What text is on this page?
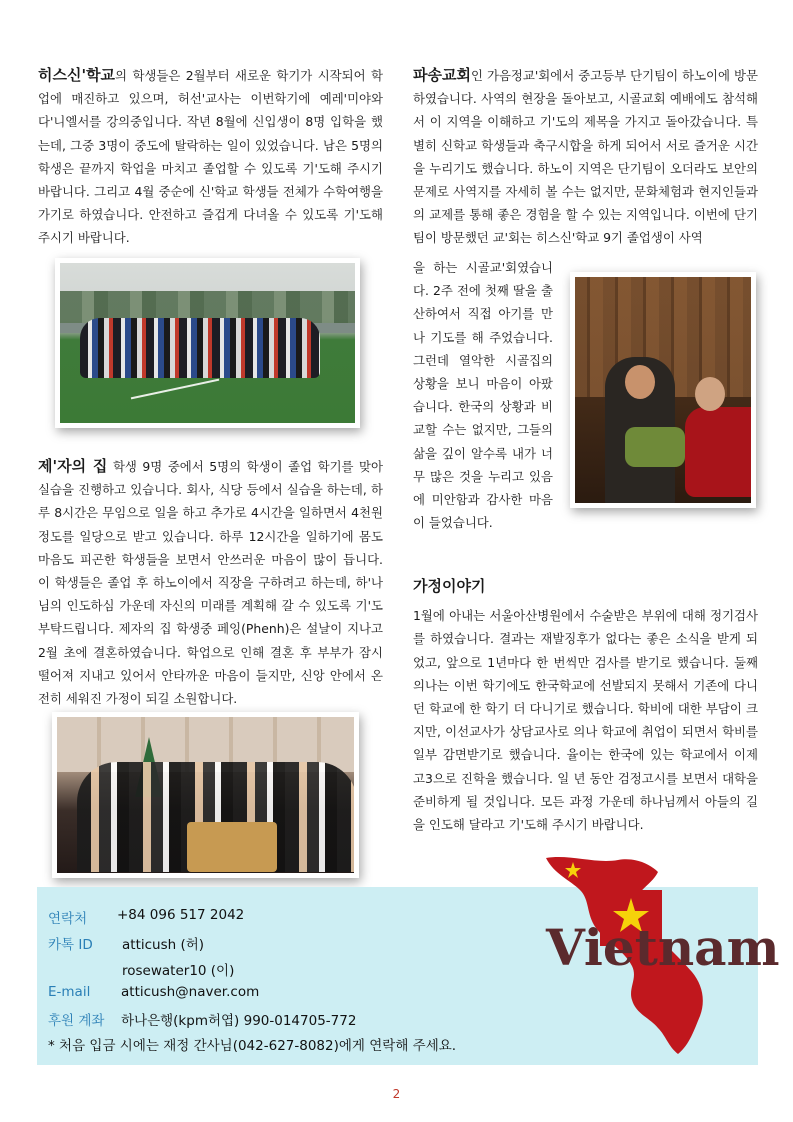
히스신'학교의 학생들은 2월부터 새로운 학기가 시작되어 학업에 매진하고 있으며, 허선'교사는 이번학기에 예레'미야와 다'니엘서를 강의중입니다. 작년 8월에 신입생이 8명 입학을 했는데, 그중 3명이 중도에 탈락하는 일이 있었습니다. 남은 5명의 학생은 끝까지 학업을 마치고 졸업할 수 있도록 기'도해 주시기 바랍니다. 그리고 4월 중순에 신'학교 학생들 전체가 수학여행을 가기로 하였습니다. 안전하고 즐겁게 다녀올 수 있도록 기'도해 주시기 바랍니다.

제'자의 집 학생 9명 중에서 5명의 학생이 졸업 학기를 맞아 실습을 진행하고 있습니다. 회사, 식당 등에서 실습을 하는데, 하루 8시간은 무임으로 일을 하고 추가로 4시간을 일하면서 4천원 정도를 일당으로 받고 있습니다. 하루 12시간을 일하기에 몸도 마음도 피곤한 학생들을 보면서 안쓰러운 마음이 많이 듭니다. 이 학생들은 졸업 후 하노이에서 직장을 구하려고 하는데, 하'나님의 인도하심 가운데 자신의 미래를 계획해 갈 수 있도록 기'도 부탁드립니다. 제자의 집 학생중 페잉(Phenh)은 설날이 지나고 2월 초에 결혼하였습니다. 학업으로 인해 결혼 후 부부가 잠시 떨어져 지내고 있어서 안타까운 마음이 들지만, 신앙 안에서 온전히 세워진 가정이 되길 소원합니다.

파송교회인 가음정교'회에서 중고등부 단기팀이 하노이에 방문하였습니다. 사역의 현장을 돌아보고, 시골교회 예배에도 참석해서 이 지역을 이해하고 기'도의 제목을 가지고 돌아갔습니다. 특별히 신학교 학생들과 축구시합을 하게 되어서 서로 즐거운 시간을 누리기도 했습니다. 하노이 지역은 단기팀이 오더라도 보안의 문제로 사역지를 자세히 볼 수는 없지만, 문화체험과 현지인들과의 교제를 통해 좋은 경험을 할 수 있는 지역입니다. 이번에 단기팀이 방문했던 교'회는 히스신'학교 9기 졸업생이 사역

을 하는 시골교'회였습니다. 2주 전에 첫째 딸을 출산하여서 직접 아기를 만나 기도를 해 주었습니다. 그런데 열악한 시골집의 상황을 보니 마음이 아팠습니다. 한국의 상황과 비교할 수는 없지만, 그들의 삶을 깊이 알수록 내가 너무 많은 것을 누리고 있음에 미안함과 감사한 마음이 들었습니다.

가정이야기

1월에 아내는 서울아산병원에서 수술받은 부위에 대해 정기검사를 하였습니다. 결과는 재발징후가 없다는 좋은 소식을 받게 되었고, 앞으로 1년마다 한 번씩만 검사를 받기로 했습니다. 둘째 의나는 이번 학기에도 한국학교에 선발되지 못해서 기존에 다니던 학교에 한 학기 더 다니기로 했습니다. 학비에 대한 부담이 크지만, 이선교사가 상담교사로 의나 학교에 취업이 되면서 학비를 일부 감면받기로 했습니다. 율이는 한국에 있는 학교에서 이제 고3으로 진학을 했습니다. 일 년 동안 검정고시를 보면서 대학을 준비하게 될 것입니다. 모든 과정 가운데 하나님께서 아들의 길을 인도해 달라고 기'도해 주시기 바랍니다.

연락처 +84 096 517 2042
카톡 ID atticush (허)
rosewater10 (이)
E-mail atticush@naver.com
후원 계좌 하나은행(kpm허엽) 990-014705-772
* 처음 입금 시에는 재정 간사님(042-627-8082)에게 연락해 주세요.
Vietnam
2
